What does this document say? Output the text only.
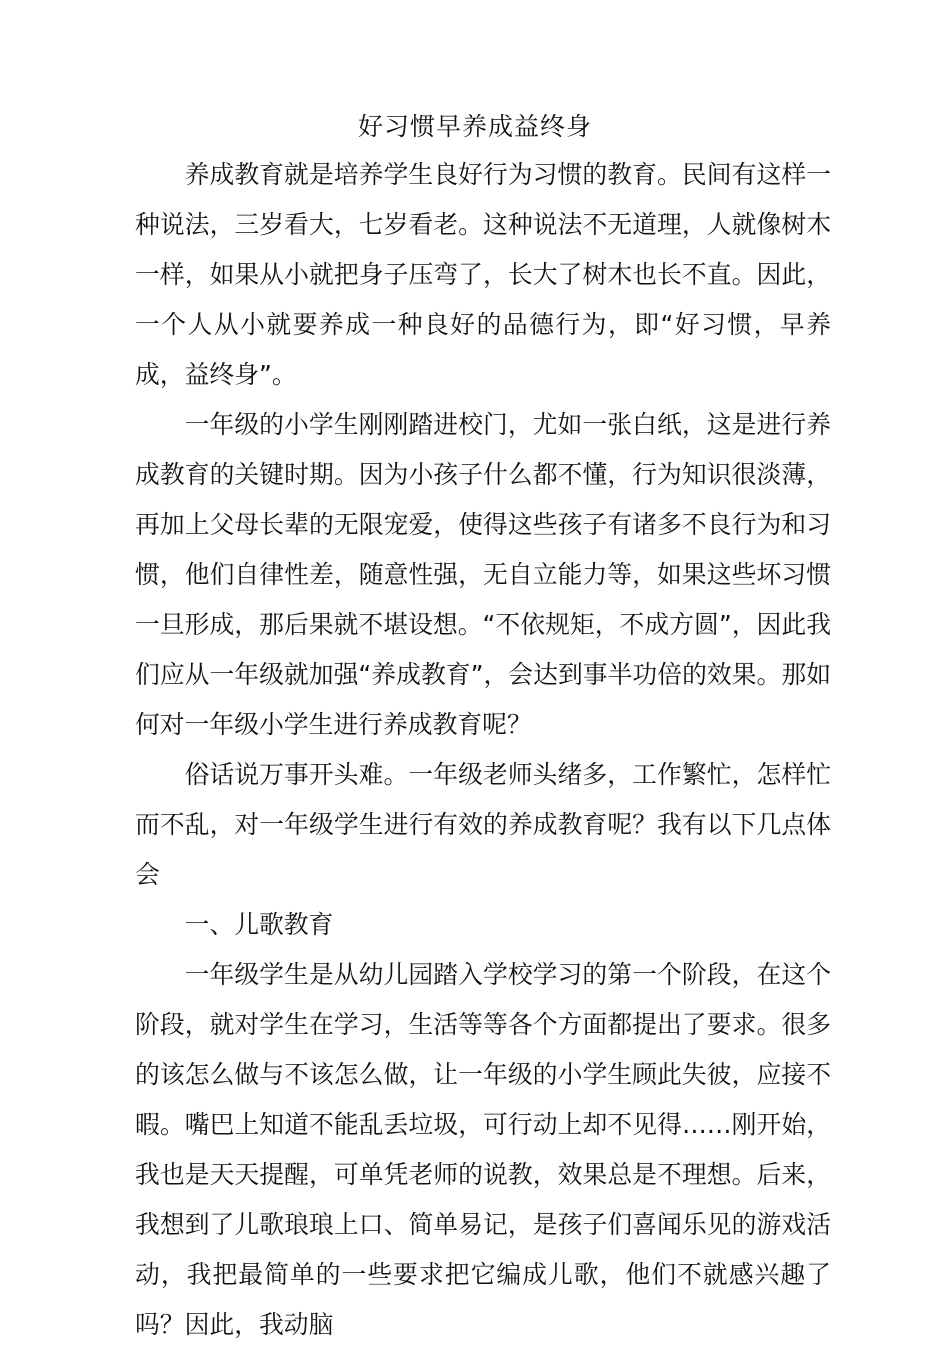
好习惯早养成益终身

养成教育就是培养学生良好行为习惯的教育。民间有这样一种说法，三岁看大，七岁看老。这种说法不无道理，人就像树木一样，如果从小就把身子压弯了，长大了树木也长不直。因此，一个人从小就要养成一种良好的品德行为，即“好习惯，早养成，益终身”。

一年级的小学生刚刚踏进校门，尤如一张白纸，这是进行养成教育的关键时期。因为小孩子什么都不懂，行为知识很淡薄，再加上父母长辈的无限宠爱，使得这些孩子有诸多不良行为和习惯，他们自律性差，随意性强，无自立能力等，如果这些坏习惯一旦形成，那后果就不堪设想。“不依规矩，不成方圆”，因此我们应从一年级就加强“养成教育”，会达到事半功倍的效果。那如何对一年级小学生进行养成教育呢？

俗话说万事开头难。一年级老师头绪多，工作繁忙，怎样忙而不乱，对一年级学生进行有效的养成教育呢？我有以下几点体会

一、儿歌教育

一年级学生是从幼儿园踏入学校学习的第一个阶段，在这个阶段，就对学生在学习，生活等等各个方面都提出了要求。很多的该怎么做与不该怎么做，让一年级的小学生顾此失彼，应接不暇。嘴巴上知道不能乱丢垃圾，可行动上却不见得……刚开始，我也是天天提醒，可单凭老师的说教，效果总是不理想。后来，我想到了儿歌琅琅上口、简单易记，是孩子们喜闻乐见的游戏活动，我把最简单的一些要求把它编成儿歌，他们不就感兴趣了吗？因此，我动脑
